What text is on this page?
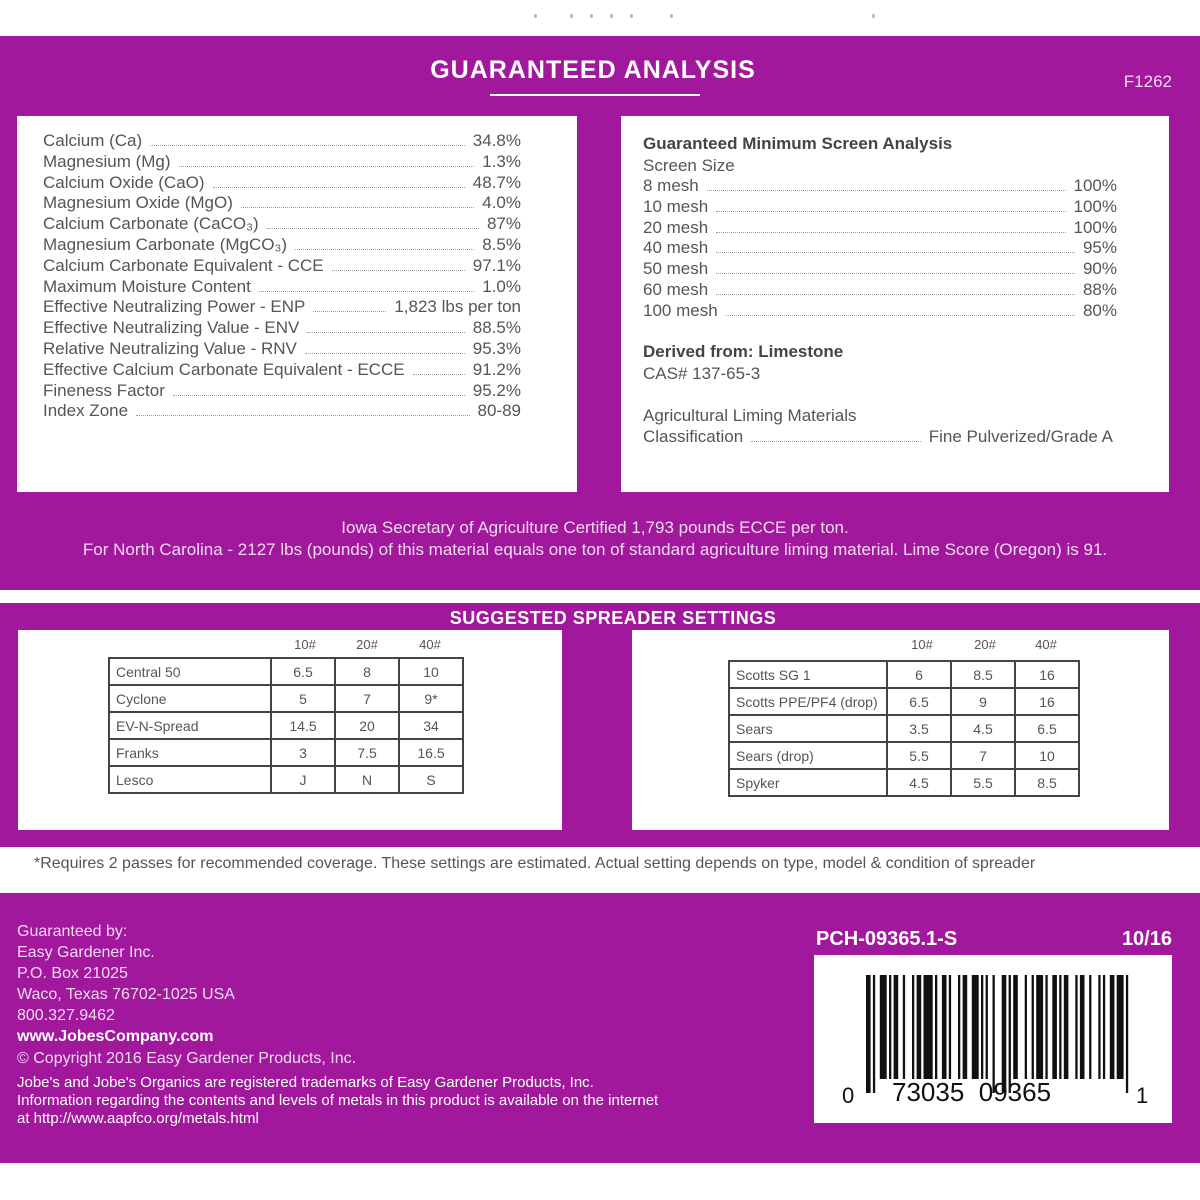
GUARANTEED ANALYSIS	F1262
Calcium (Ca)	34.8%
Magnesium (Mg)	1.3%
Calcium Oxide (CaO)	48.7%
Magnesium Oxide (MgO)	4.0%
Calcium Carbonate (CaCO₃)	87%
Magnesium Carbonate (MgCO₃)	8.5%
Calcium Carbonate Equivalent - CCE	97.1%
Maximum Moisture Content	1.0%
Effective Neutralizing Power - ENP	1,823 lbs per ton
Effective Neutralizing Value - ENV	88.5%
Relative Neutralizing Value - RNV	95.3%
Effective Calcium Carbonate Equivalent - ECCE	91.2%
Fineness Factor	95.2%
Index Zone	80-89
Guaranteed Minimum Screen Analysis
Screen Size
8 mesh	100%
10 mesh	100%
20 mesh	100%
40 mesh	95%
50 mesh	90%
60 mesh	88%
100 mesh	80%
Derived from: Limestone
CAS# 137-65-3
Agricultural Liming Materials
Classification	Fine Pulverized/Grade A
Iowa Secretary of Agriculture Certified 1,793 pounds ECCE per ton.
For North Carolina - 2127 lbs (pounds) of this material equals one ton of standard agriculture liming material. Lime Score (Oregon) is 91.
SUGGESTED SPREADER SETTINGS
10#	20#	40#
Central 50	6.5	8	10
Cyclone	5	7	9*
EV-N-Spread	14.5	20	34
Franks	3	7.5	16.5
Lesco	J	N	S
10#	20#	40#
Scotts SG 1	6	8.5	16
Scotts PPE/PF4 (drop)	6.5	9	16
Sears	3.5	4.5	6.5
Sears (drop)	5.5	7	10
Spyker	4.5	5.5	8.5
*Requires 2 passes for recommended coverage. These settings are estimated. Actual setting depends on type, model & condition of spreader
Guaranteed by:
Easy Gardener Inc.
P.O. Box 21025
Waco, Texas 76702-1025 USA
800.327.9462
www.JobesCompany.com
© Copyright 2016 Easy Gardener Products, Inc.
Jobe's and Jobe's Organics are registered trademarks of Easy Gardener Products, Inc.
Information regarding the contents and levels of metals in this product is available on the internet
at http://www.aapfco.org/metals.html
PCH-09365.1-S	10/16
0 73035  09365	1
